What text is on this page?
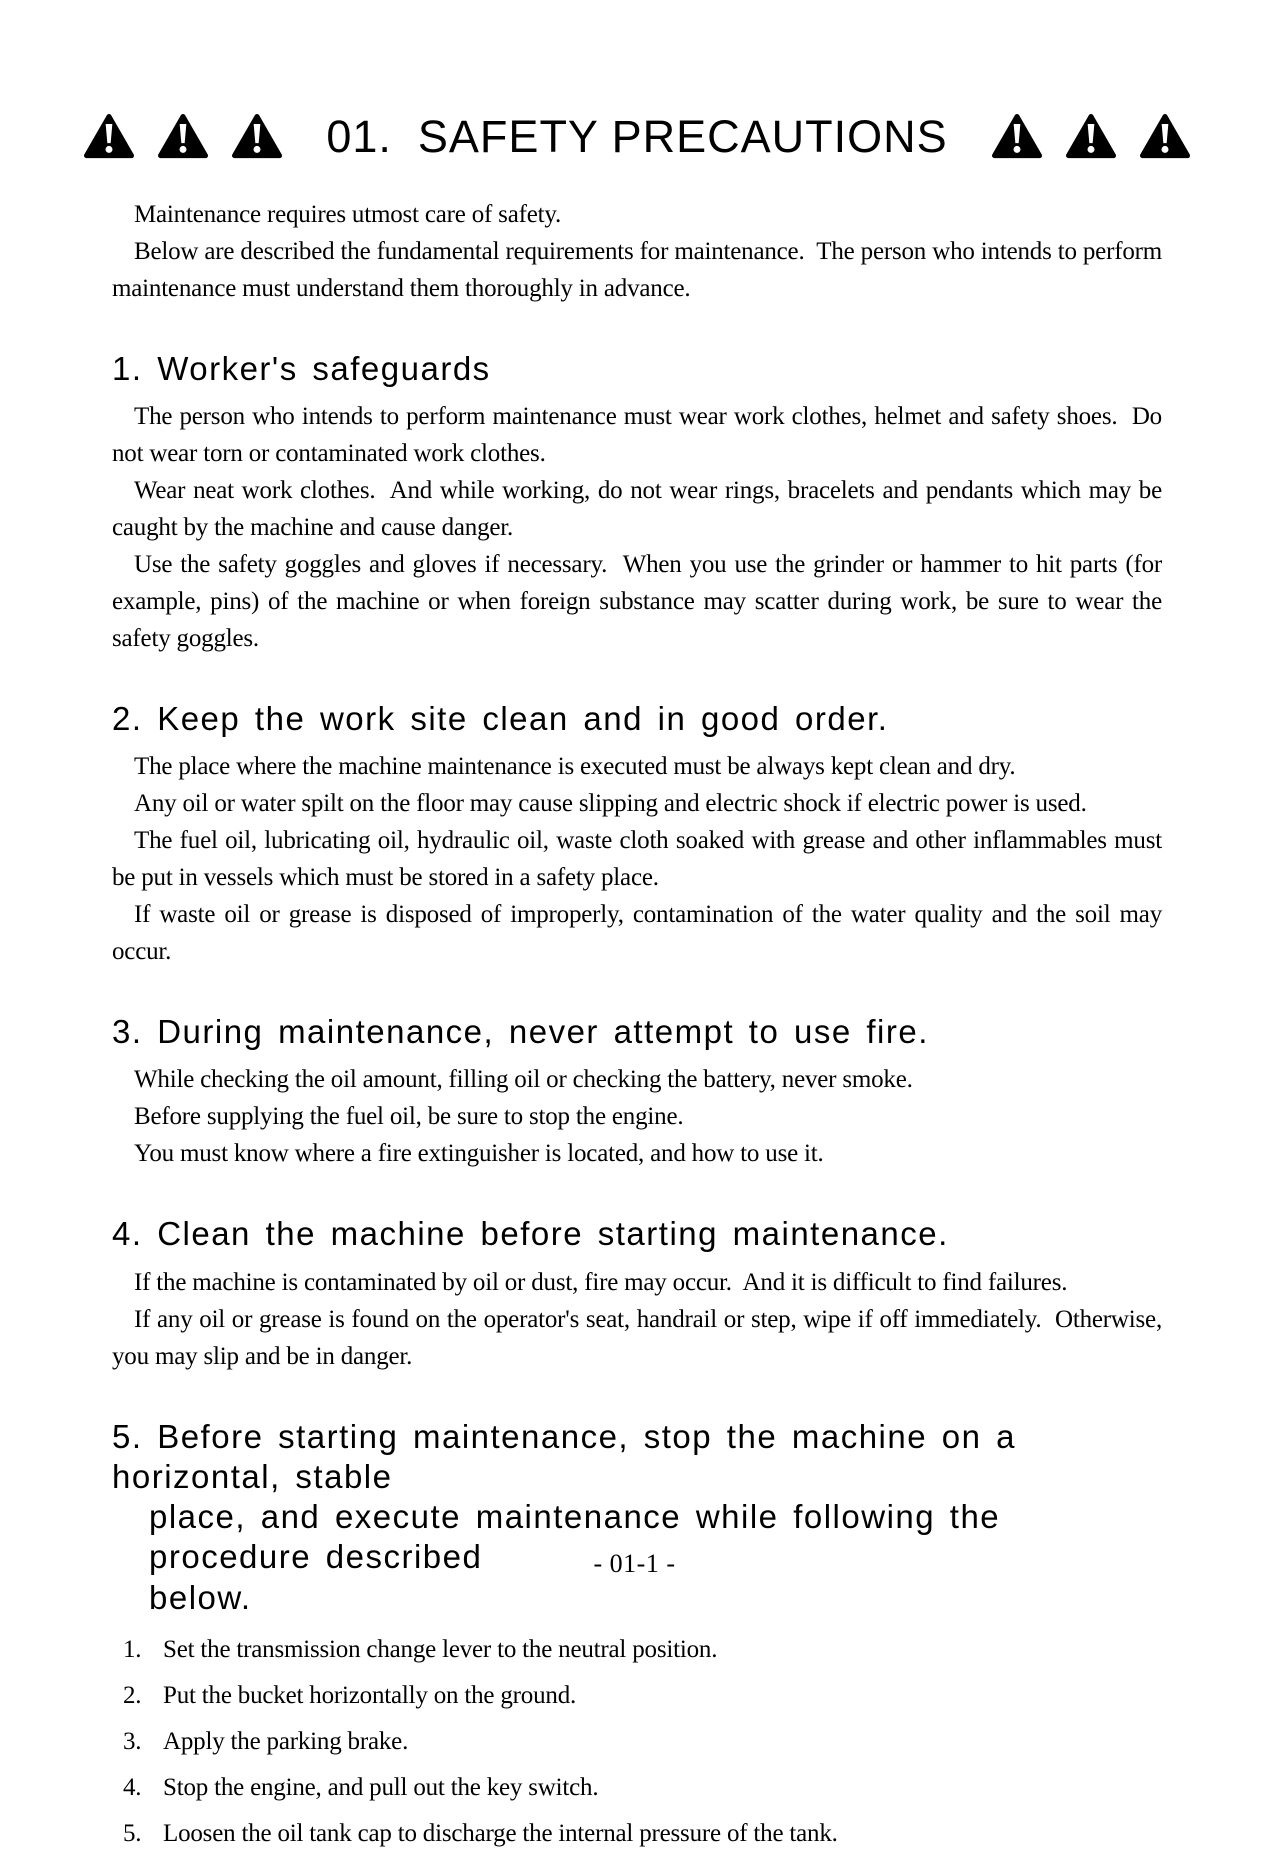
01. SAFETY PRECAUTIONS

Maintenance requires utmost care of safety.

Below are described the fundamental requirements for maintenance.  The person who intends to perform maintenance must understand them thoroughly in advance.

1. Worker's safeguards

The person who intends to perform maintenance must wear work clothes, helmet and safety shoes.  Do not wear torn or contaminated work clothes.

Wear neat work clothes.  And while working, do not wear rings, bracelets and pendants which may be caught by the machine and cause danger.

Use the safety goggles and gloves if necessary.  When you use the grinder or hammer to hit parts (for example, pins) of the machine or when foreign substance may scatter during work, be sure to wear the safety goggles.

2. Keep the work site clean and in good order.

The place where the machine maintenance is executed must be always kept clean and dry.

Any oil or water spilt on the floor may cause slipping and electric shock if electric power is used.

The fuel oil, lubricating oil, hydraulic oil, waste cloth soaked with grease and other inflammables must be put in vessels which must be stored in a safety place.

If waste oil or grease is disposed of improperly, contamination of the water quality and the soil may occur.

3. During maintenance, never attempt to use fire.

While checking the oil amount, filling oil or checking the battery, never smoke.

Before supplying the fuel oil, be sure to stop the engine.

You must know where a fire extinguisher is located, and how to use it.

4. Clean the machine before starting maintenance.

If the machine is contaminated by oil or dust, fire may occur.  And it is difficult to find failures.

If any oil or grease is found on the operator's seat, handrail or step, wipe if off immediately.  Otherwise, you may slip and be in danger.

5. Before starting maintenance, stop the machine on a horizontal, stable
place, and execute maintenance while following the procedure described
below.
1. Set the transmission change lever to the neutral position.
2. Put the bucket horizontally on the ground.
3. Apply the parking brake.
4. Stop the engine, and pull out the key switch.
5. Loosen the oil tank cap to discharge the internal pressure of the tank.
- 01-1 -
